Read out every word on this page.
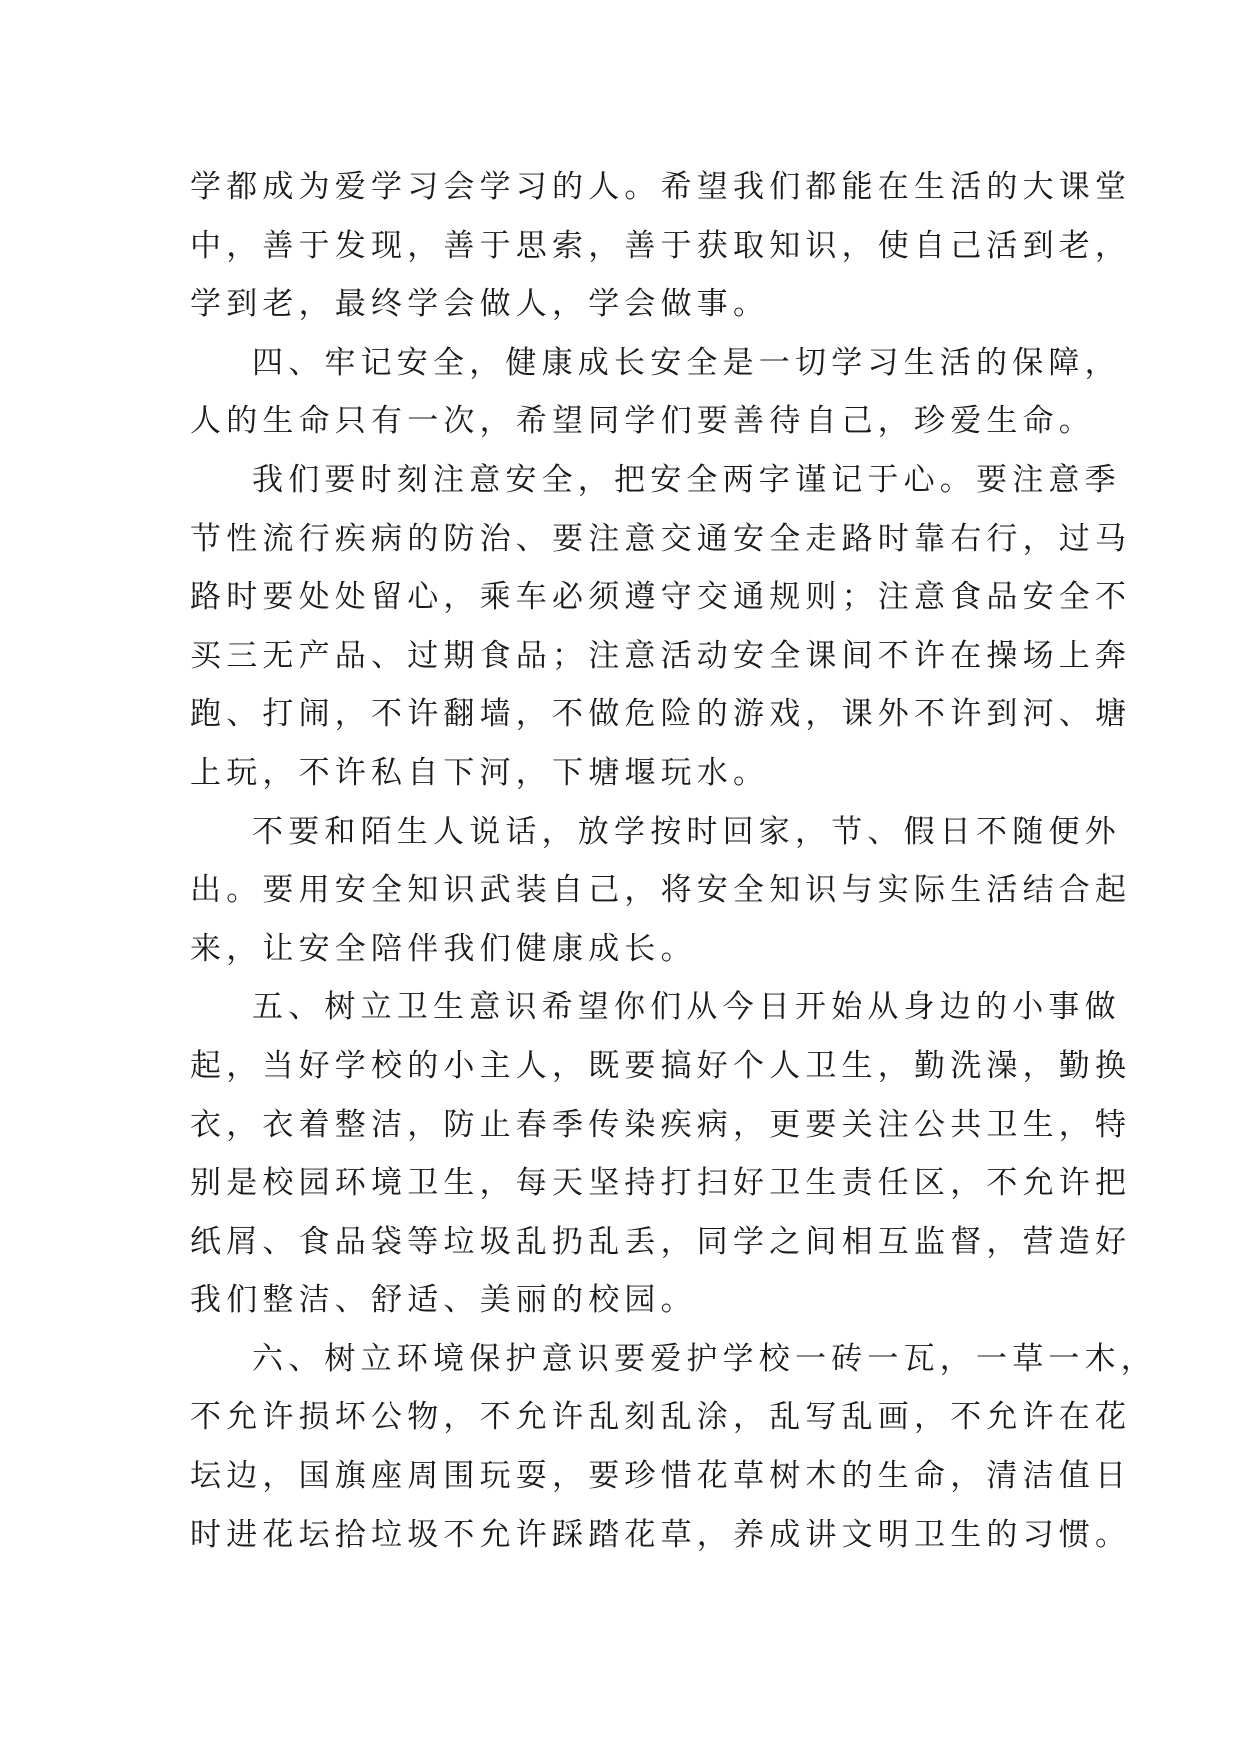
学都成为爱学习会学习的人。希望我们都能在生活的大课堂
中，善于发现，善于思索，善于获取知识，使自己活到老，
学到老，最终学会做人，学会做事。
四、牢记安全，健康成长安全是一切学习生活的保障，
人的生命只有一次，希望同学们要善待自己，珍爱生命。
我们要时刻注意安全，把安全两字谨记于心。要注意季
节性流行疾病的防治、要注意交通安全走路时靠右行，过马
路时要处处留心，乘车必须遵守交通规则；注意食品安全不
买三无产品、过期食品；注意活动安全课间不许在操场上奔
跑、打闹，不许翻墙，不做危险的游戏，课外不许到河、塘
上玩，不许私自下河，下塘堰玩水。
不要和陌生人说话，放学按时回家，节、假日不随便外
出。要用安全知识武装自己，将安全知识与实际生活结合起
来，让安全陪伴我们健康成长。
五、树立卫生意识希望你们从今日开始从身边的小事做
起，当好学校的小主人，既要搞好个人卫生，勤洗澡，勤换
衣，衣着整洁，防止春季传染疾病，更要关注公共卫生，特
别是校园环境卫生，每天坚持打扫好卫生责任区，不允许把
纸屑、食品袋等垃圾乱扔乱丢，同学之间相互监督，营造好
我们整洁、舒适、美丽的校园。
六、树立环境保护意识要爱护学校一砖一瓦，一草一木，
不允许损坏公物，不允许乱刻乱涂，乱写乱画，不允许在花
坛边，国旗座周围玩耍，要珍惜花草树木的生命，清洁值日
时进花坛拾垃圾不允许踩踏花草，养成讲文明卫生的习惯。
